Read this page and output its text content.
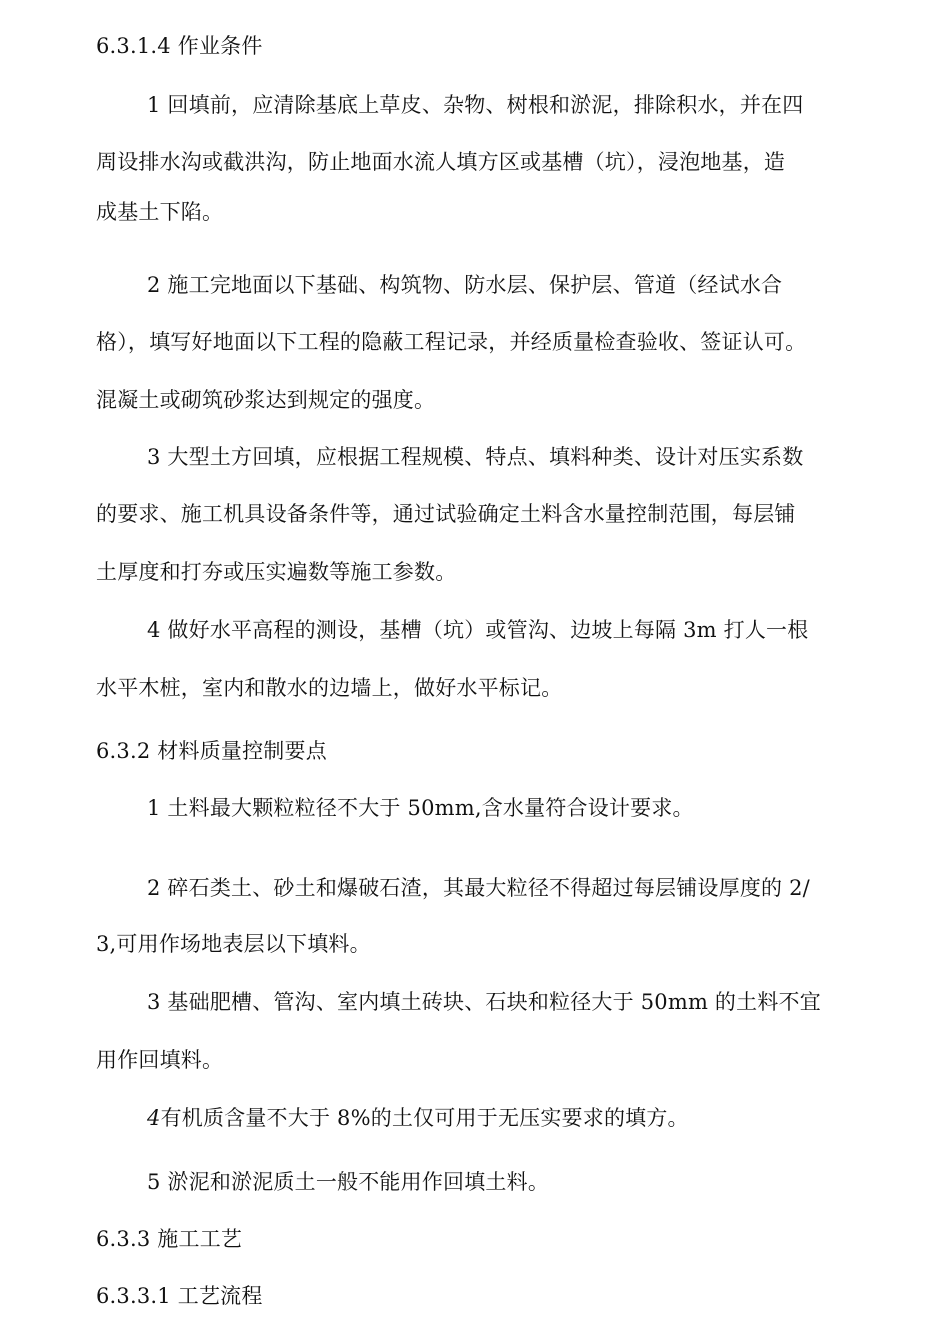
6.3.1.4 作业条件
1 回填前，应清除基底上草皮、杂物、树根和淤泥，排除积水，并在四
周设排水沟或截洪沟，防止地面水流人填方区或基槽（坑），浸泡地基，造
成基土下陷。
2 施工完地面以下基础、构筑物、防水层、保护层、管道（经试水合
格），填写好地面以下工程的隐蔽工程记录，并经质量检查验收、签证认可。
混凝土或砌筑砂浆达到规定的强度。
3 大型土方回填，应根据工程规模、特点、填料种类、设计对压实系数
的要求、施工机具设备条件等，通过试验确定土料含水量控制范围，每层铺
土厚度和打夯或压实遍数等施工参数。
4 做好水平高程的测设，基槽（坑）或管沟、边坡上每隔 3m 打人一根
水平木桩，室内和散水的边墙上，做好水平标记。
6.3.2 材料质量控制要点
1 土料最大颗粒粒径不大于 50mm,含水量符合设计要求。
2 碎石类土、砂土和爆破石渣，其最大粒径不得超过每层铺设厚度的 2/
3,可用作场地表层以下填料。
3 基础肥槽、管沟、室内填土砖块、石块和粒径大于 50mm 的土料不宜
用作回填料。
4有机质含量不大于 8%的土仅可用于无压实要求的填方。
5 淤泥和淤泥质土一般不能用作回填土料。
6.3.3 施工工艺
6.3.3.1 工艺流程
